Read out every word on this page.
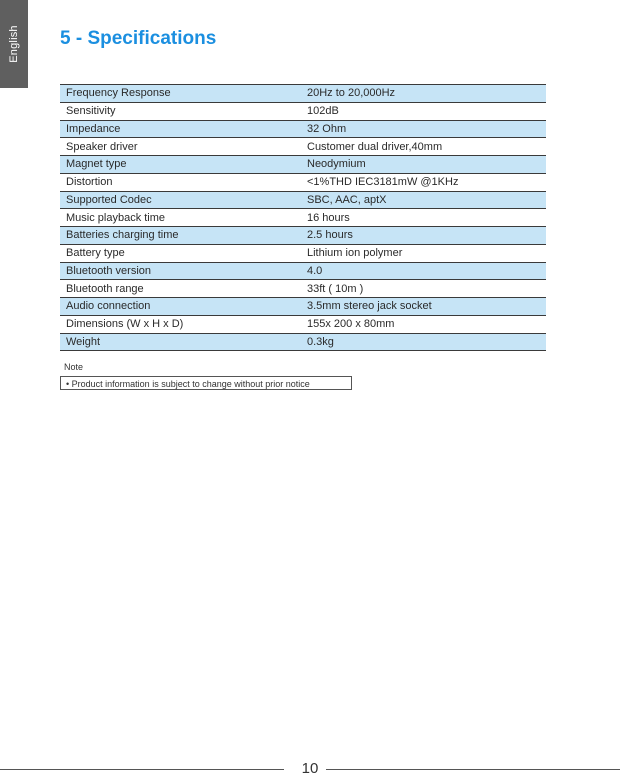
English 5 - Specifications
Frequency Response	20Hz to 20,000Hz
Sensitivity	102dB
Impedance	32 Ohm
Speaker driver	Customer dual driver,40mm
Magnet type	Neodymium
Distortion	<1%THD IEC3181mW @1KHz
Supported Codec	SBC, AAC, aptX
Music playback time	16 hours
Batteries charging time	2.5 hours
Battery type	Lithium ion polymer
Bluetooth version	4.0
Bluetooth range	33ft ( 10m )
Audio connection	3.5mm stereo jack socket
Dimensions (W x H x D)	155x 200 x 80mm
Weight	0.3kg
Note
• Product information is subject to change without prior notice
10
